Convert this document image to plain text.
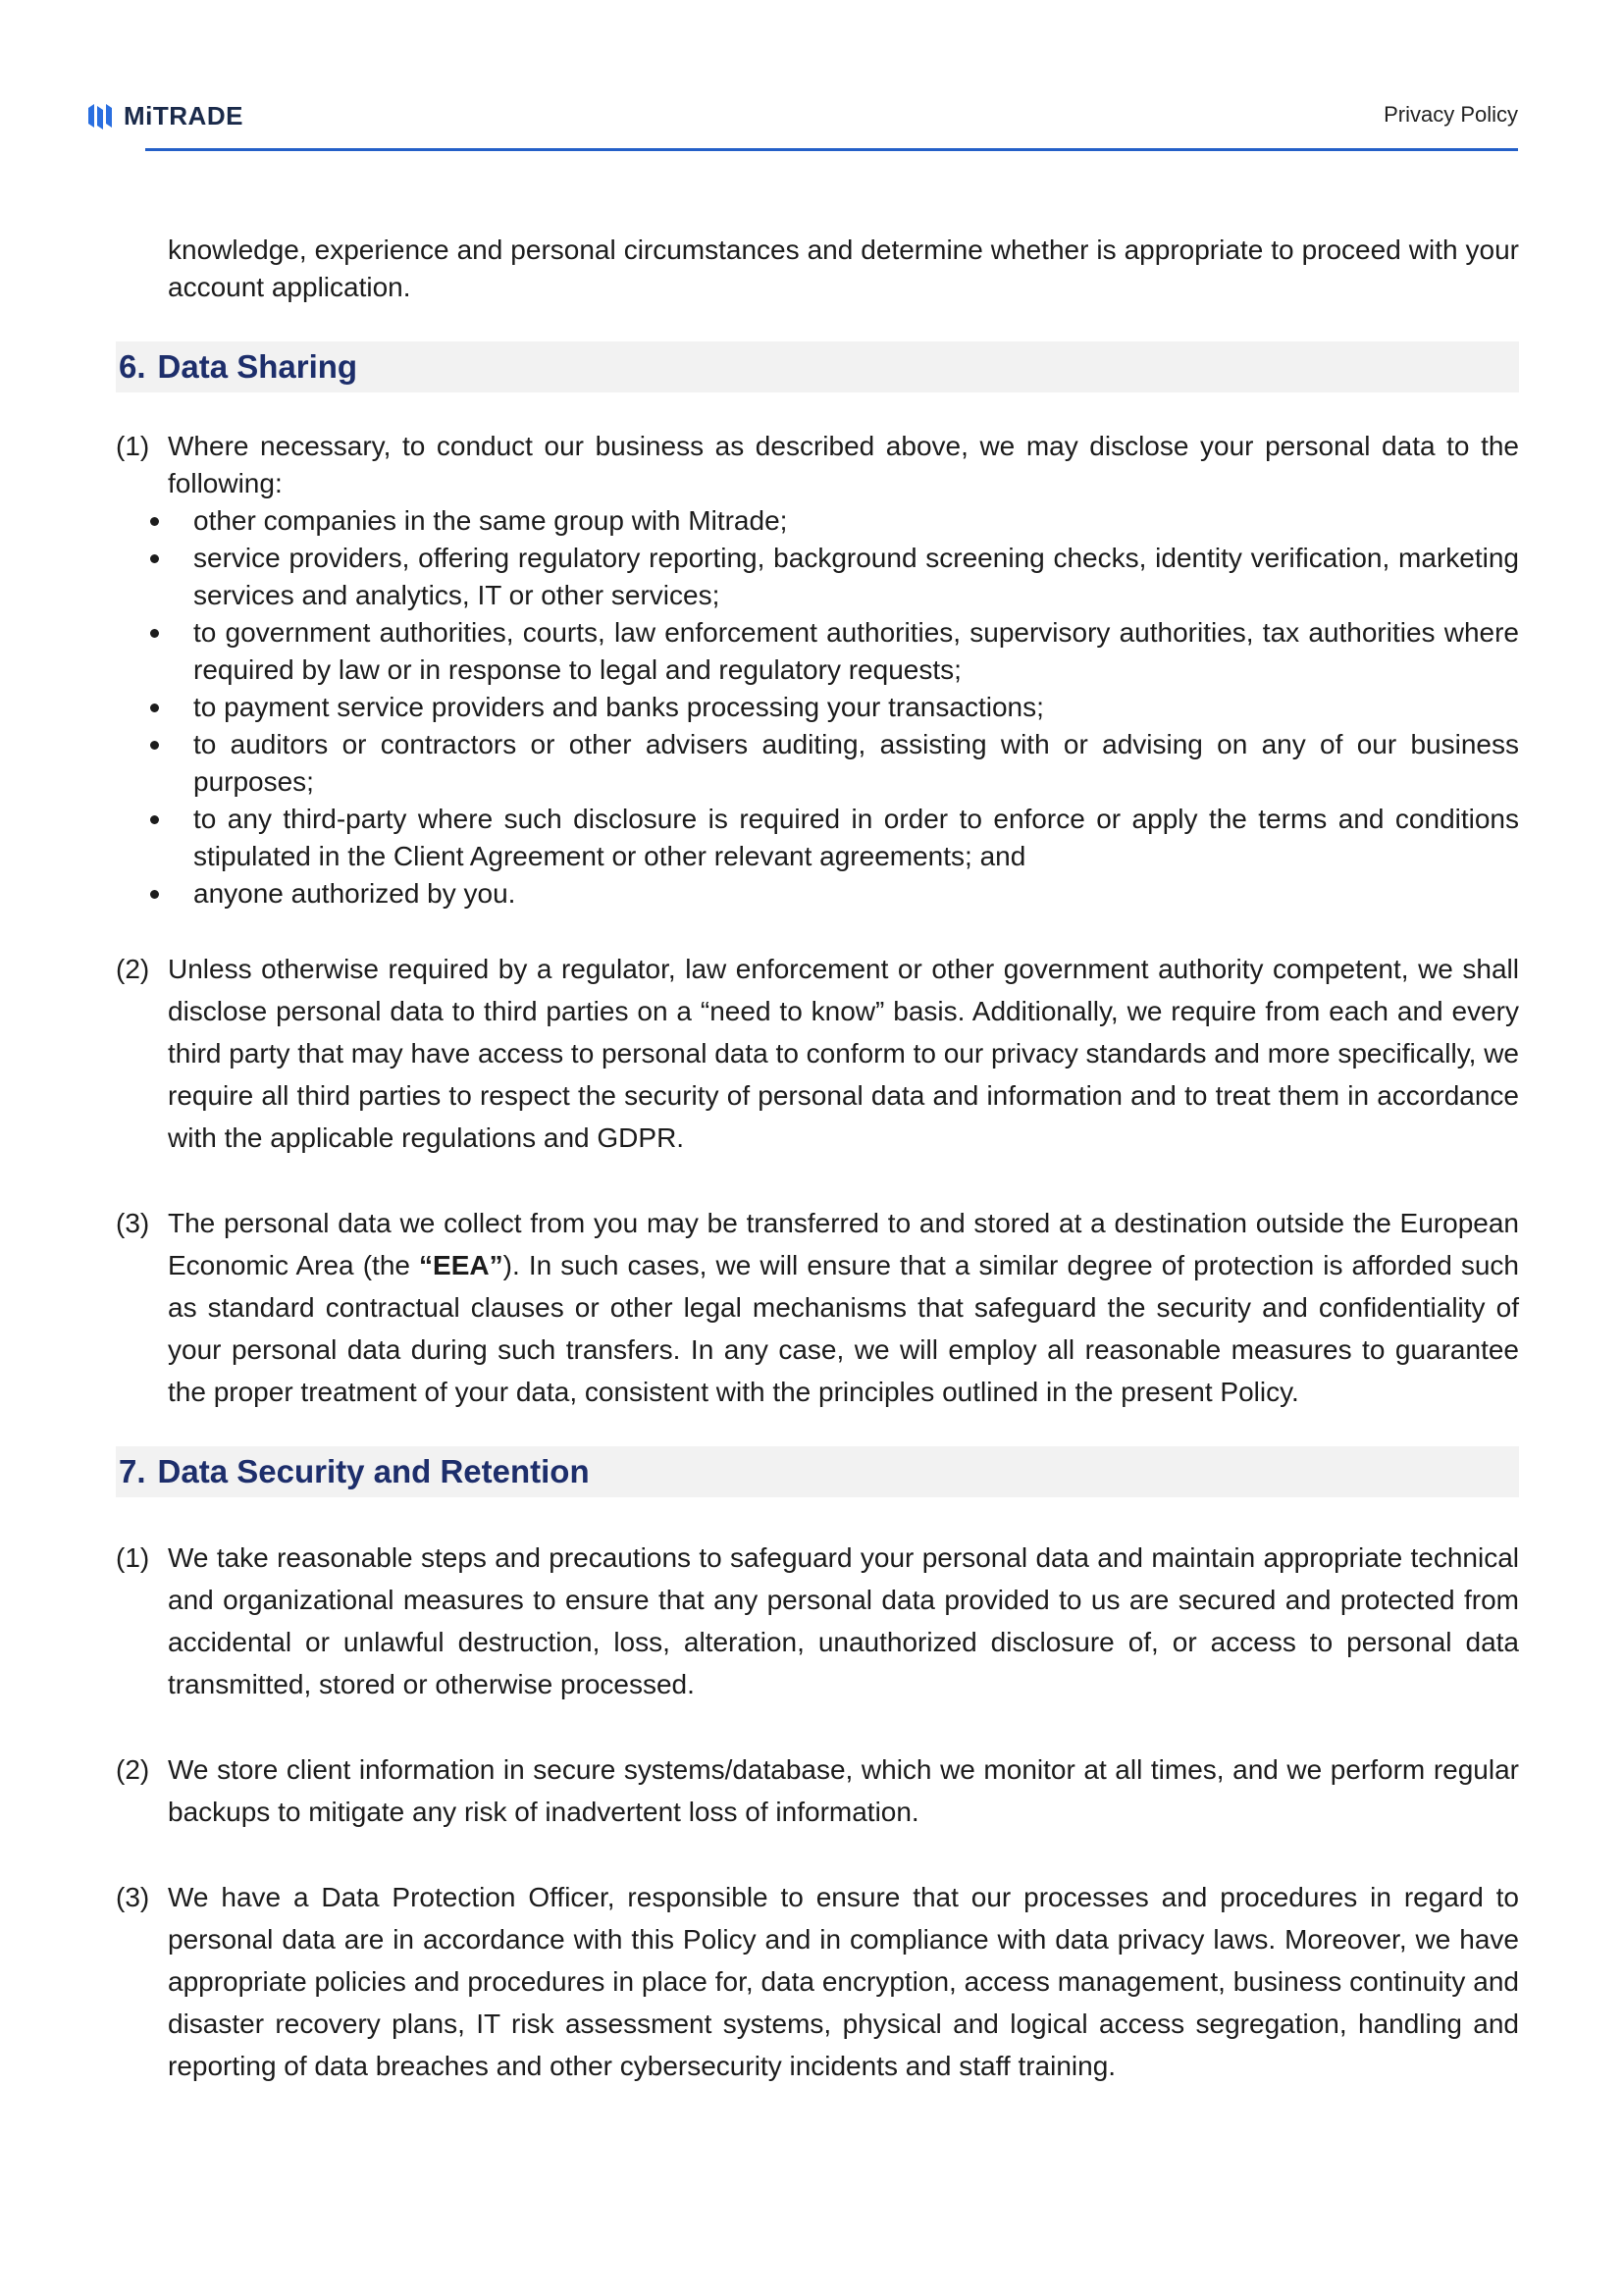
MiTRADE	Privacy Policy

knowledge, experience and personal circumstances and determine whether is appropriate to proceed with your account application.

6. Data Sharing
(1) Where necessary, to conduct our business as described above, we may disclose your personal data to the following:
other companies in the same group with Mitrade;
service providers, offering regulatory reporting, background screening checks, identity verification, marketing services and analytics, IT or other services;
to government authorities, courts, law enforcement authorities, supervisory authorities, tax authorities where required by law or in response to legal and regulatory requests;
to payment service providers and banks processing your transactions;
to auditors or contractors or other advisers auditing, assisting with or advising on any of our business purposes;
to any third-party where such disclosure is required in order to enforce or apply the terms and conditions stipulated in the Client Agreement or other relevant agreements; and
anyone authorized by you.
(2) Unless otherwise required by a regulator, law enforcement or other government authority competent, we shall disclose personal data to third parties on a “need to know” basis. Additionally, we require from each and every third party that may have access to personal data to conform to our privacy standards and more specifically, we require all third parties to respect the security of personal data and information and to treat them in accordance with the applicable regulations and GDPR.
(3) The personal data we collect from you may be transferred to and stored at a destination outside the European Economic Area (the “EEA”). In such cases, we will ensure that a similar degree of protection is afforded such as standard contractual clauses or other legal mechanisms that safeguard the security and confidentiality of your personal data during such transfers. In any case, we will employ all reasonable measures to guarantee the proper treatment of your data, consistent with the principles outlined in the present Policy.
7. Data Security and Retention
(1) We take reasonable steps and precautions to safeguard your personal data and maintain appropriate technical and organizational measures to ensure that any personal data provided to us are secured and protected from accidental or unlawful destruction, loss, alteration, unauthorized disclosure of, or access to personal data transmitted, stored or otherwise processed.
(2) We store client information in secure systems/database, which we monitor at all times, and we perform regular backups to mitigate any risk of inadvertent loss of information.
(3) We have a Data Protection Officer, responsible to ensure that our processes and procedures in regard to personal data are in accordance with this Policy and in compliance with data privacy laws. Moreover, we have appropriate policies and procedures in place for, data encryption, access management, business continuity and disaster recovery plans, IT risk assessment systems, physical and logical access segregation, handling and reporting of data breaches and other cybersecurity incidents and staff training.
